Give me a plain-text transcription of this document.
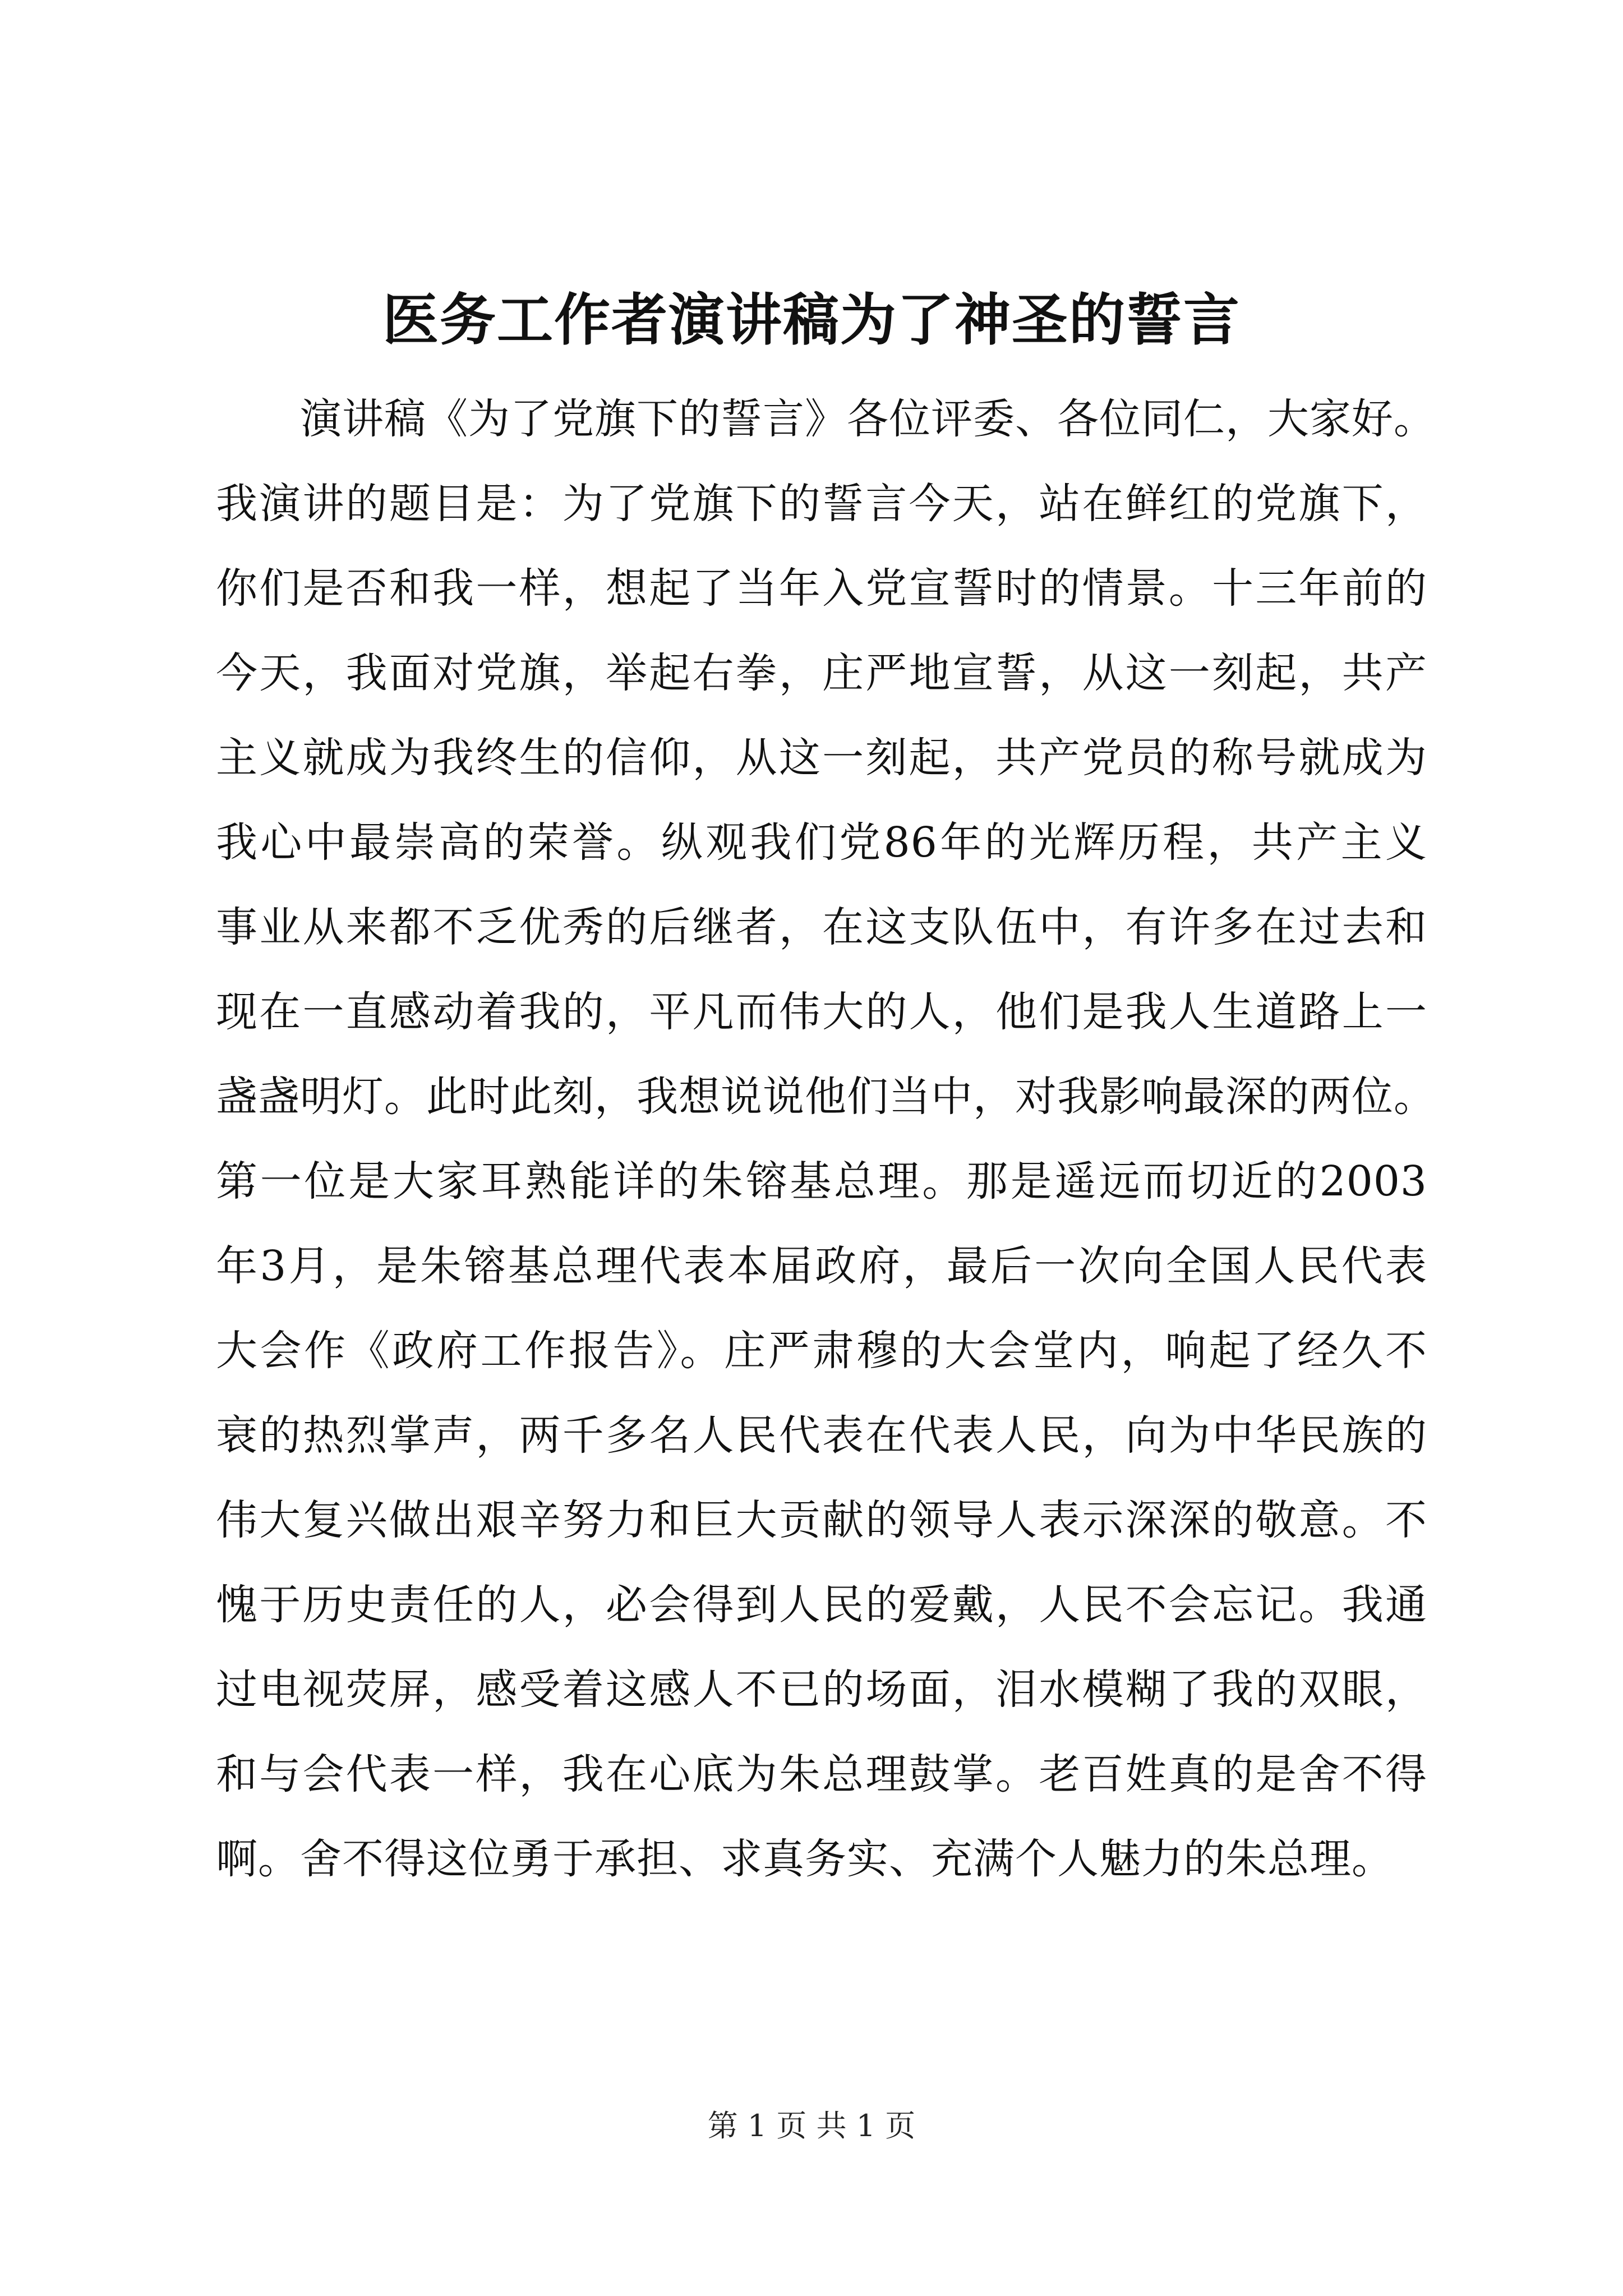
医务工作者演讲稿为了神圣的誓言
演讲稿《为了党旗下的誓言》各位评委、各位同仁，大家好。
我演讲的题目是：为了党旗下的誓言今天，站在鲜红的党旗下，
你们是否和我一样，想起了当年入党宣誓时的情景。十三年前的
今天，我面对党旗，举起右拳，庄严地宣誓，从这一刻起，共产
主义就成为我终生的信仰，从这一刻起，共产党员的称号就成为
我心中最崇高的荣誉。纵观我们党86年的光辉历程，共产主义
事业从来都不乏优秀的后继者，在这支队伍中，有许多在过去和
现在一直感动着我的，平凡而伟大的人，他们是我人生道路上一
盏盏明灯。此时此刻，我想说说他们当中，对我影响最深的两位。
第一位是大家耳熟能详的朱镕基总理。那是遥远而切近的2003
年3月，是朱镕基总理代表本届政府，最后一次向全国人民代表
大会作《政府工作报告》。庄严肃穆的大会堂内，响起了经久不
衰的热烈掌声，两千多名人民代表在代表人民，向为中华民族的
伟大复兴做出艰辛努力和巨大贡献的领导人表示深深的敬意。不
愧于历史责任的人，必会得到人民的爱戴，人民不会忘记。我通
过电视荧屏，感受着这感人不已的场面，泪水模糊了我的双眼，
和与会代表一样，我在心底为朱总理鼓掌。老百姓真的是舍不得
啊。舍不得这位勇于承担、求真务实、充满个人魅力的朱总理。
第 1 页 共 1 页
